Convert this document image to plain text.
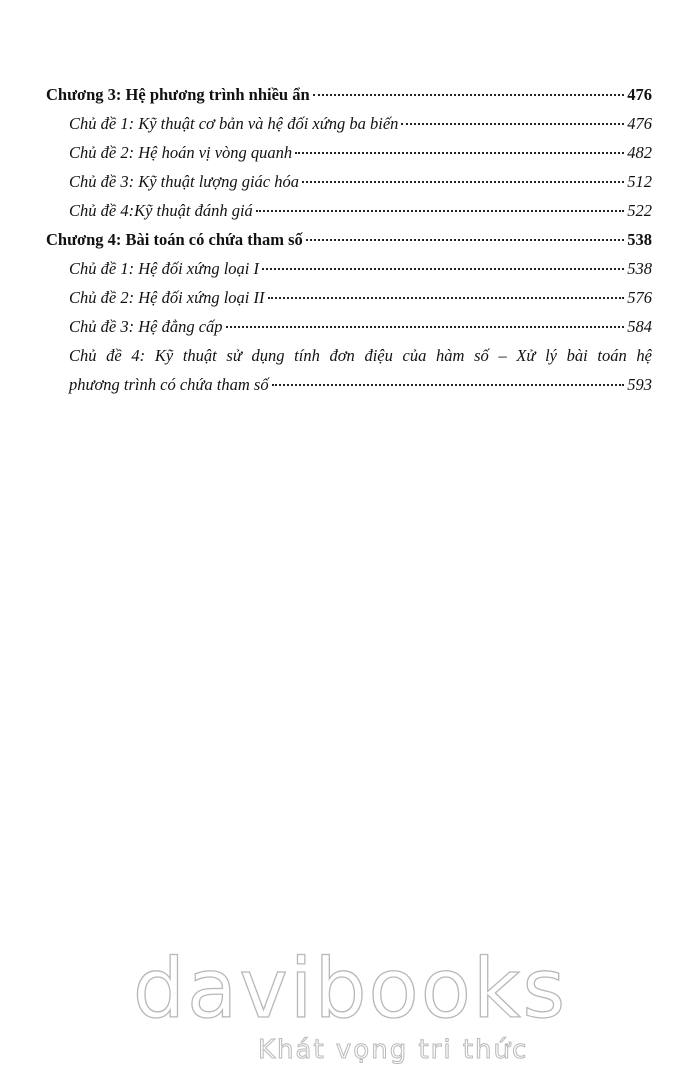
Chương 3: Hệ phương trình nhiều ẩn	476
Chủ đề 1: Kỹ thuật cơ bản và hệ đối xứng ba biến	476
Chủ đề 2: Hệ hoán vị vòng quanh	482
Chủ đề 3: Kỹ thuật lượng giác hóa	512
Chủ đề 4:Kỹ thuật đánh giá	522
Chương 4: Bài toán có chứa tham số	538
Chủ đề 1: Hệ đối xứng loại I	538
Chủ đề 2: Hệ đối xứng loại II	576
Chủ đề 3: Hệ đẳng cấp	584
Chủ đề 4: Kỹ thuật sử dụng tính đơn điệu của hàm số – Xử lý bài toán hệ
phương trình có chứa tham số	593
davibooks
Khát vọng tri thức
